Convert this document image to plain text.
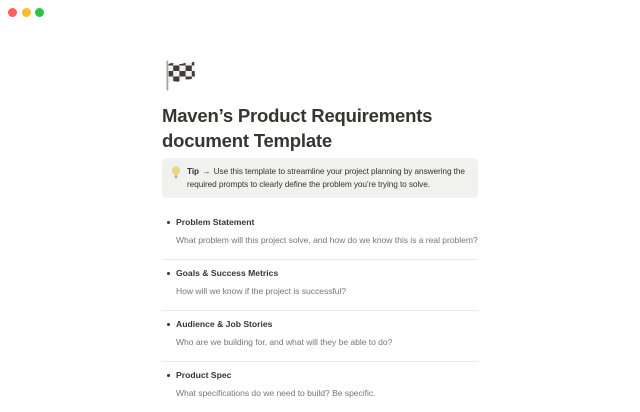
Maven’s Product Requirements document Template

Tip → Use this template to streamline your project planning by answering the required prompts to clearly define the problem you’re trying to solve.

Problem Statement

What problem will this project solve, and how do we know this is a real problem?

Goals & Success Metrics

How will we know if the project is successful?

Audience & Job Stories

Who are we building for, and what will they be able to do?

Product Spec

What specifications do we need to build? Be specific.
